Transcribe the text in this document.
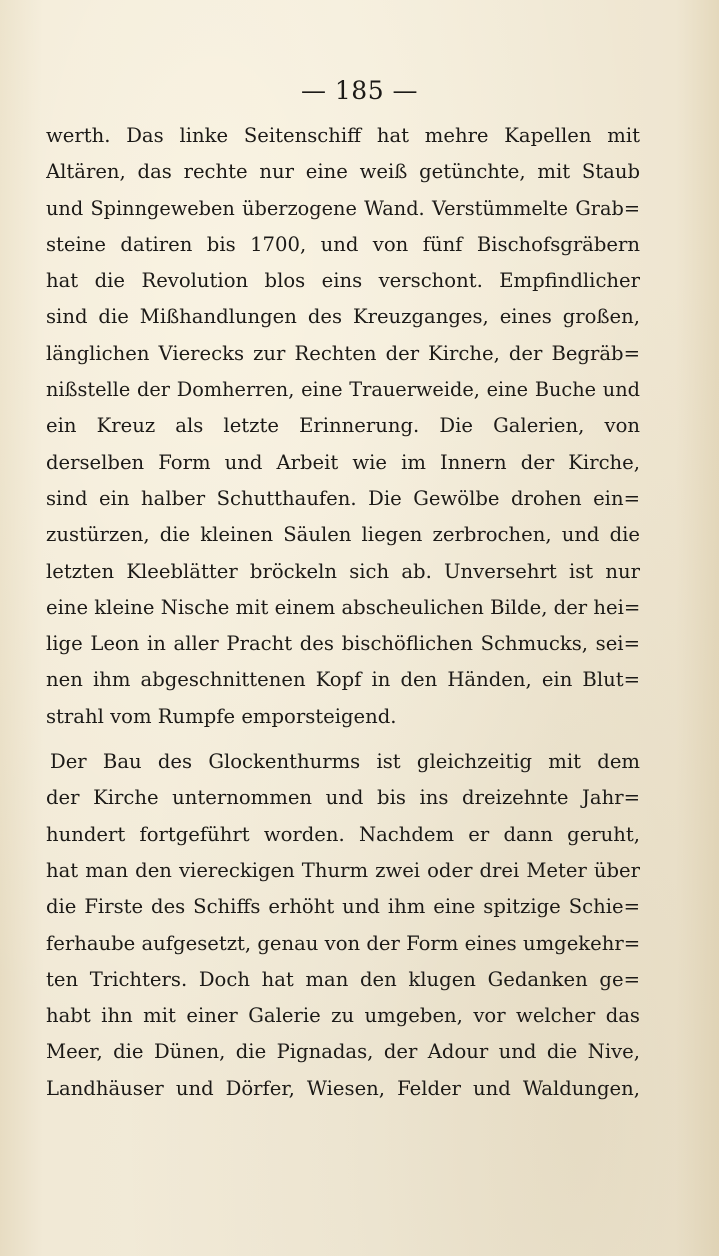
— 185 —
werth. Das linke Seitenschiff hat mehre Kapellen mit
Altären, das rechte nur eine weiß getünchte, mit Staub
und Spinngeweben überzogene Wand. Verstümmelte Grab=
steine datiren bis 1700, und von fünf Bischofsgräbern
hat die Revolution blos eins verschont. Empfindlicher
sind die Mißhandlungen des Kreuzganges, eines großen,
länglichen Vierecks zur Rechten der Kirche, der Begräb=
nißstelle der Domherren, eine Trauerweide, eine Buche und
ein Kreuz als letzte Erinnerung. Die Galerien, von
derselben Form und Arbeit wie im Innern der Kirche,
sind ein halber Schutthaufen. Die Gewölbe drohen ein=
zustürzen, die kleinen Säulen liegen zerbrochen, und die
letzten Kleeblätter bröckeln sich ab. Unversehrt ist nur
eine kleine Nische mit einem abscheulichen Bilde, der hei=
lige Leon in aller Pracht des bischöflichen Schmucks, sei=
nen ihm abgeschnittenen Kopf in den Händen, ein Blut=
strahl vom Rumpfe emporsteigend.
Der Bau des Glockenthurms ist gleichzeitig mit dem
der Kirche unternommen und bis ins dreizehnte Jahr=
hundert fortgeführt worden. Nachdem er dann geruht,
hat man den viereckigen Thurm zwei oder drei Meter über
die Firste des Schiffs erhöht und ihm eine spitzige Schie=
ferhaube aufgesetzt, genau von der Form eines umgekehr=
ten Trichters. Doch hat man den klugen Gedanken ge=
habt ihn mit einer Galerie zu umgeben, vor welcher das
Meer, die Dünen, die Pignadas, der Adour und die Nive,
Landhäuser und Dörfer, Wiesen, Felder und Waldungen,
